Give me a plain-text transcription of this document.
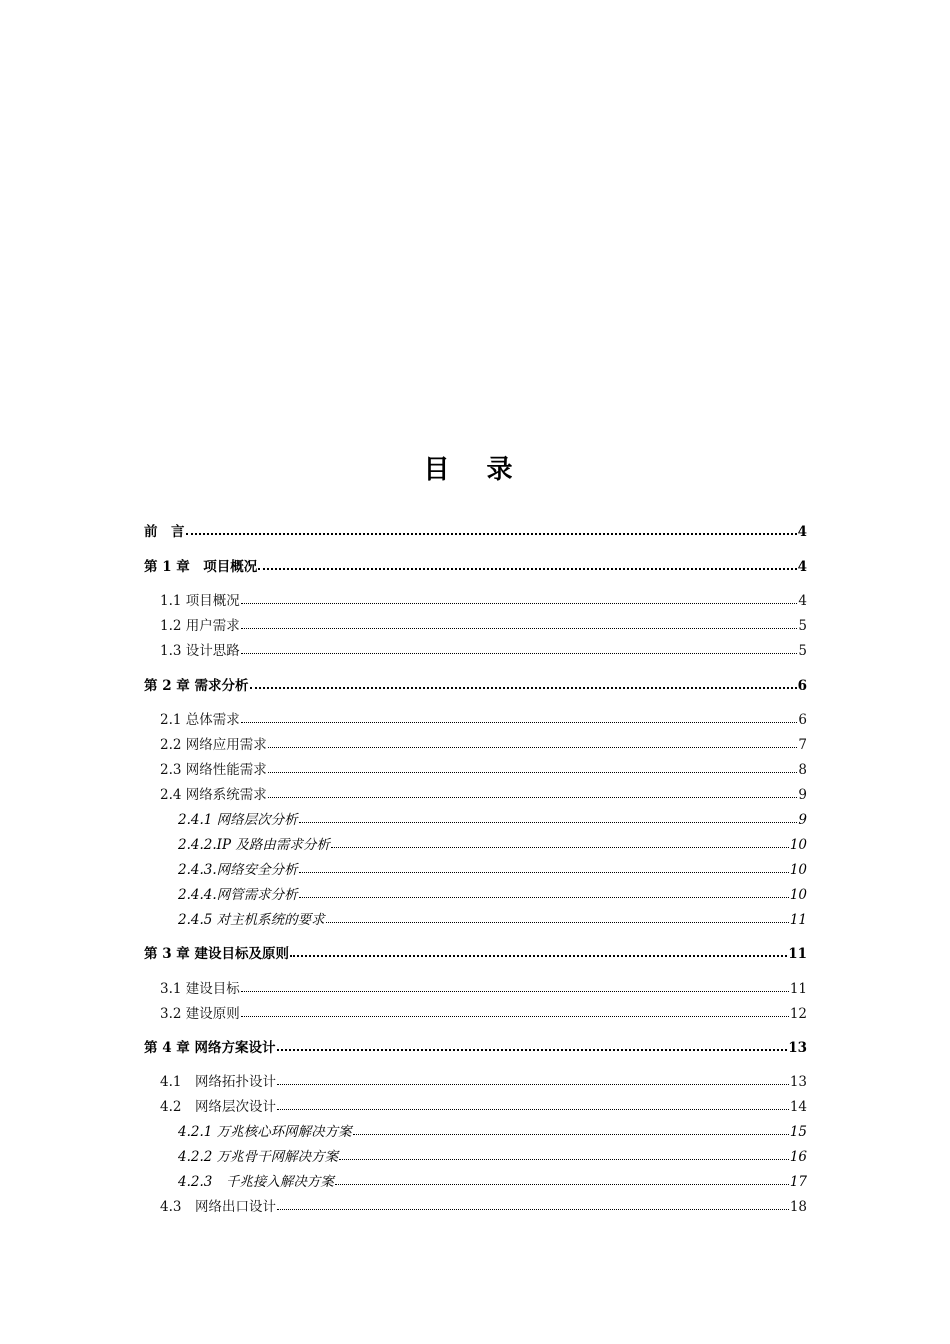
目 录
前　言	4
第 1 章　项目概况	4
1.1 项目概况	4
1.2 用户需求	5
1.3 设计思路	5
第 2 章 需求分析	6
2.1 总体需求	6
2.2 网络应用需求	7
2.3 网络性能需求	8
2.4 网络系统需求	9
2.4.1 网络层次分析	9
2.4.2.IP 及路由需求分析	10
2.4.3.网络安全分析	10
2.4.4.网管需求分析	10
2.4.5 对主机系统的要求	11
第 3 章 建设目标及原则	11
3.1 建设目标	11
3.2 建设原则	12
第 4 章 网络方案设计	13
4.1　网络拓扑设计	13
4.2　网络层次设计	14
4.2.1 万兆核心环网解决方案	15
4.2.2 万兆骨干网解决方案	16
4.2.3　千兆接入解决方案	17
4.3　网络出口设计	18
